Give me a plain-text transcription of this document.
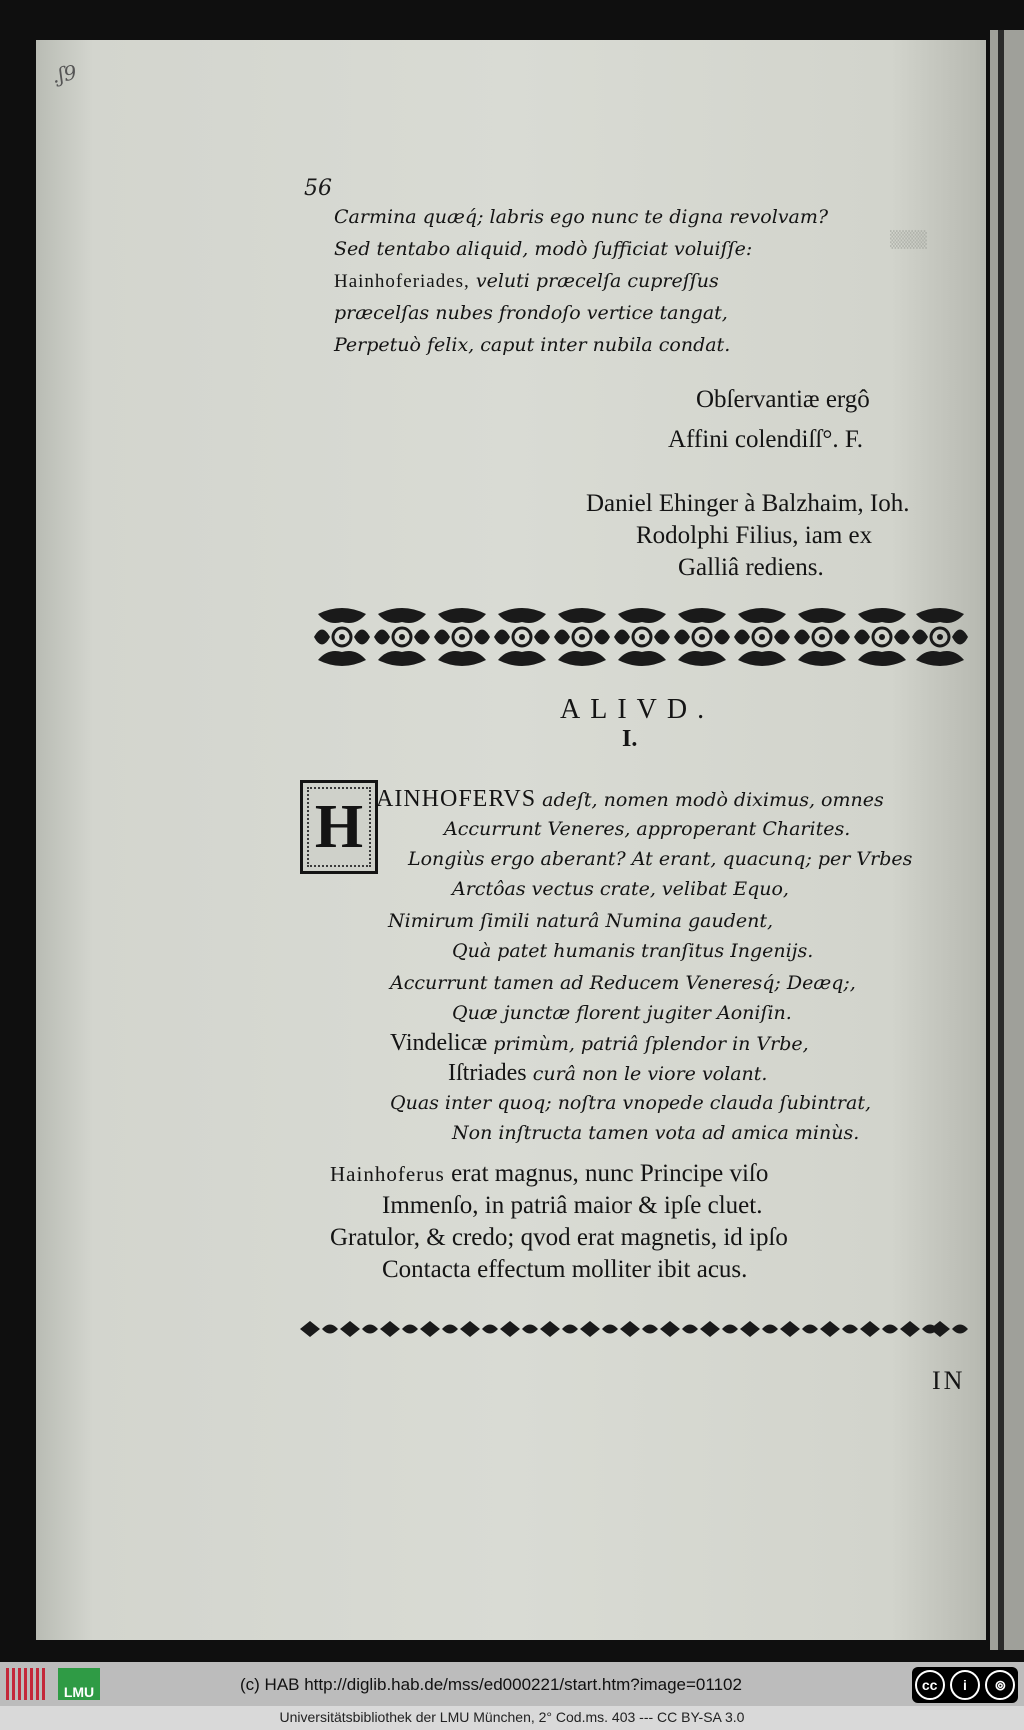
▒▒▒
.ʃ9
56
Carmina quæq́; labris ego nunc te digna revolvam?
Sed tentabo aliquid, modò ſufficiat voluiſſe:
Hainhoferiades, veluti præcelſa cupreſſus
præcelſas nubes frondoſo vertice tangat,
Perpetuò felix, caput inter nubila condat.
Obſervantiæ ergô
Affini colendiſſ°. F.
Daniel Ehinger à Balzhaim, Ioh.
Rodolphi Filius, iam ex
Galliâ rediens.
ALIVD.
I.
H AINHOFERVS adeſt, nomen modò diximus, omnes
Accurrunt Veneres, approperant Charites.
Longiùs ergo aberant? At erant, quacunq; per Vrbes
Arctôas vectus crate, velibat Equo,
Nimirum ſimili naturâ Numina gaudent,
Quà patet humanis tranſitus Ingenijs.
Accurrunt tamen ad Reducem Veneresq́; Deæq;,
Quæ junctæ florent jugiter Aoniſin.
Vindelicæ primùm, patriâ ſplendor in Vrbe,
Iſtriades curâ non le viore volant.
Quas inter quoq; noſtra vnopede clauda ſubintrat,
Non inſtructa tamen vota ad amica minùs.
Hainhoferus erat magnus, nunc Principe viſo
Immenſo, in patriâ maior & ipſe cluet.
Gratulor, & credo; qvod erat magnetis, id ipſo
Contacta effectum molliter ibit acus.
IN
LMU	(c) HAB http://diglib.hab.de/mss/ed000221/start.htm?image=01102	cc	i	⊚
Universitätsbibliothek der LMU München, 2° Cod.ms. 403 --- CC BY-SA 3.0
